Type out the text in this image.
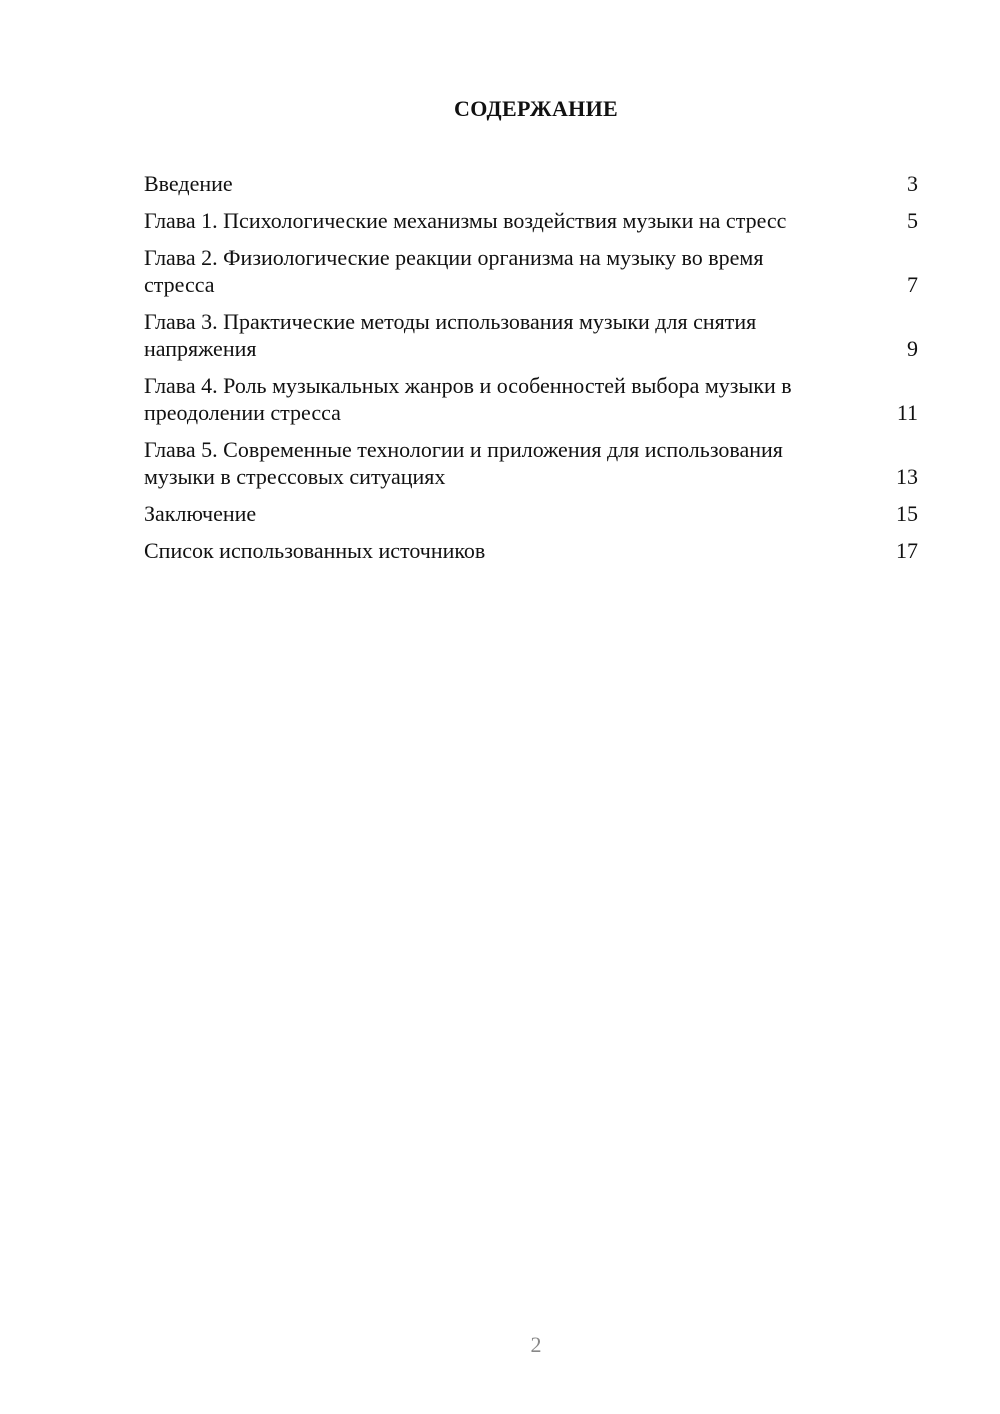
СОДЕРЖАНИЕ
Введение	3
Глава 1. Психологические механизмы воздействия музыки на стресс	5
Глава 2. Физиологические реакции организма на музыку во время стресса	7
Глава 3. Практические методы использования музыки для снятия напряжения	9
Глава 4. Роль музыкальных жанров и особенностей выбора музыки в преодолении стресса	11
Глава 5. Современные технологии и приложения для использования музыки в стрессовых ситуациях	13
Заключение	15
Список использованных источников	17
2
